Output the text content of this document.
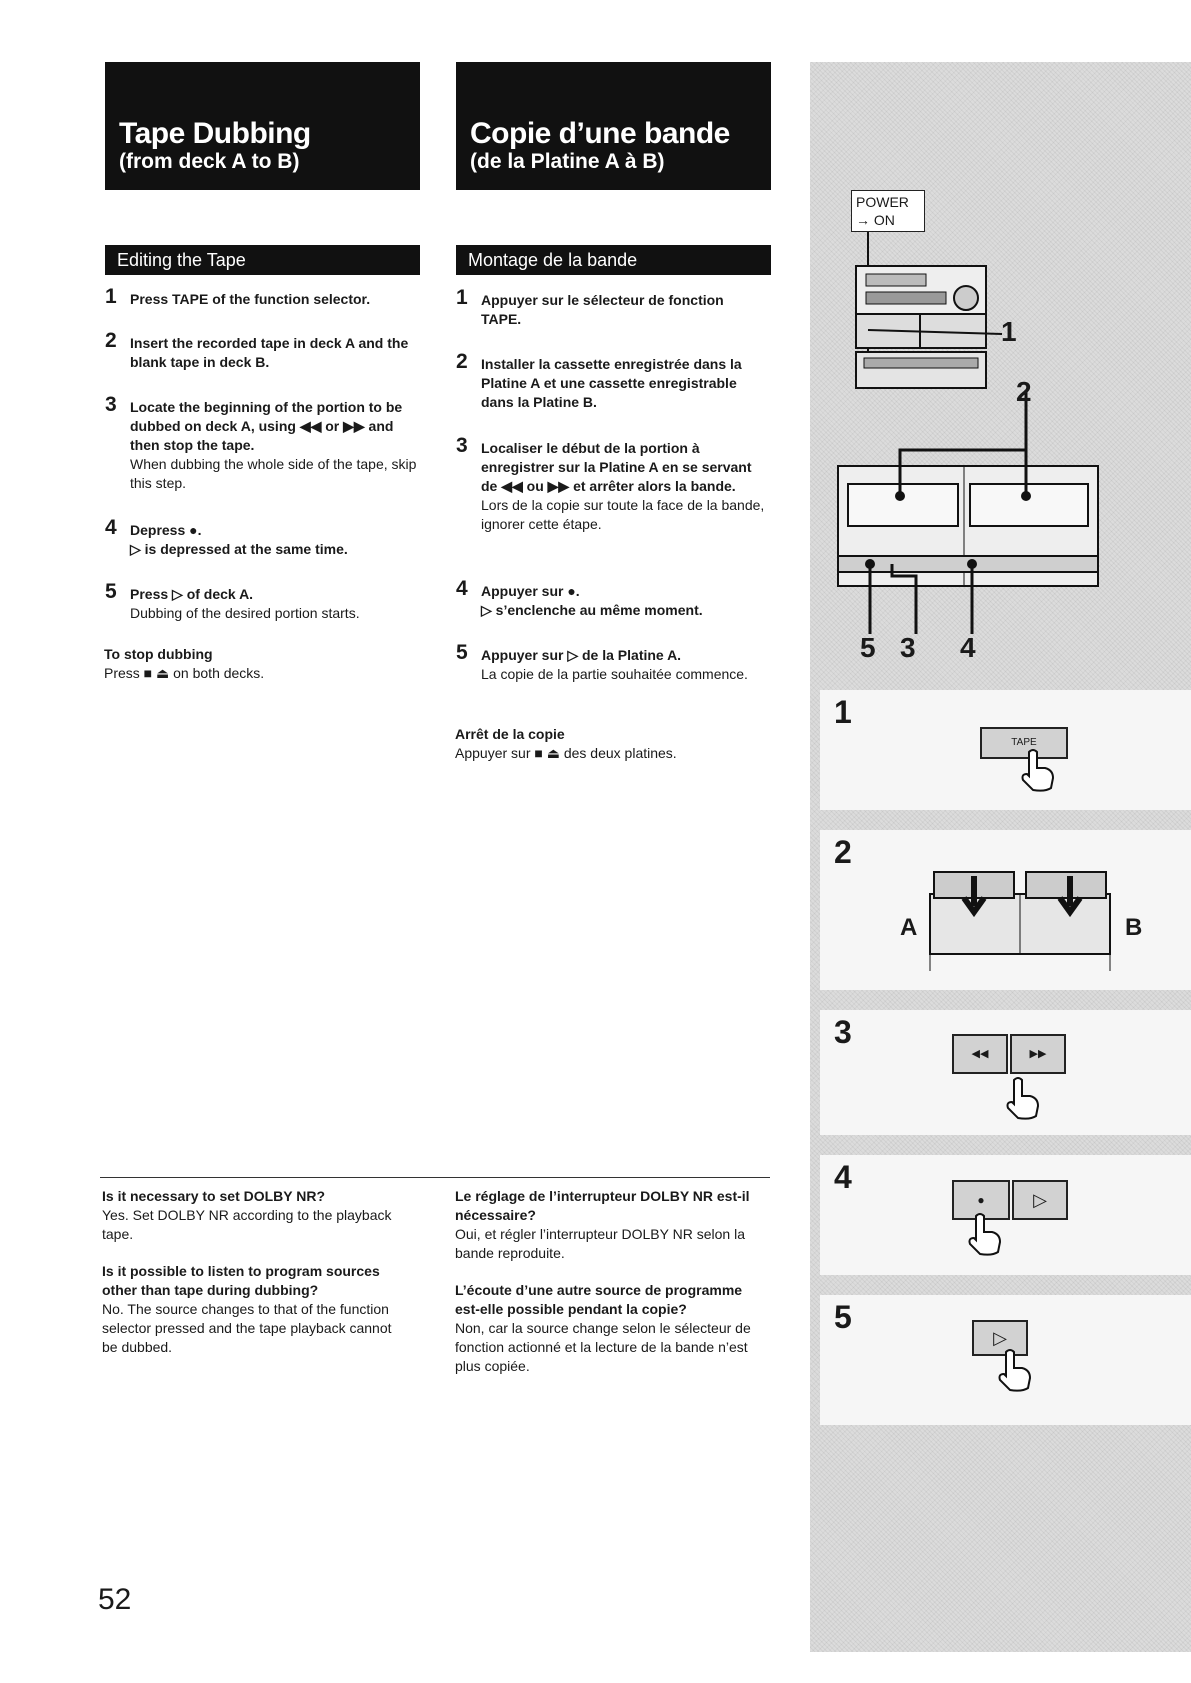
Tape Dubbing
(from deck A to B)
Editing the Tape
1 Press TAPE of the function selector.
2 Insert the recorded tape in deck A and the blank tape in deck B.
3 Locate the beginning of the portion to be dubbed on deck A, using ◀◀ or ▶▶ and then stop the tape.
When dubbing the whole side of the tape, skip this step.
4 Depress ●.
▷ is depressed at the same time.
5 Press ▷ of deck A.
Dubbing of the desired portion starts.
To stop dubbing
Press ■ ⏏ on both decks.
Is it necessary to set DOLBY NR?
Yes. Set DOLBY NR according to the playback tape.
Is it possible to listen to program sources other than tape during dubbing?
No. The source changes to that of the function selector pressed and the tape playback cannot be dubbed.
Copie d’une bande
(de la Platine A à B)
Montage de la bande
1 Appuyer sur le sélecteur de fonction TAPE.
2 Installer la cassette enregistrée dans la Platine A et une cassette enregistrable dans la Platine B.
3 Localiser le début de la portion à enregistrer sur la Platine A en se servant de ◀◀ ou ▶▶ et arrêter alors la bande.
Lors de la copie sur toute la face de la bande, ignorer cette étape.
4 Appuyer sur ●.
▷ s’enclenche au même moment.
5 Appuyer sur ▷ de la Platine A.
La copie de la partie souhaitée commence.
Arrêt de la copie
Appuyer sur ■ ⏏ des deux platines.
Le réglage de l’interrupteur DOLBY NR est-il nécessaire?
Oui, et régler l’interrupteur DOLBY NR selon la bande reproduite.
L’écoute d’une autre source de programme est-elle possible pendant la copie?
Non, car la source change selon le sélecteur de fonction actionné et la lecture de la bande n’est plus copiée.
52
POWER
→ ON
1
2
5 3 4
1
TAPE
2
A	B
3
◀◀	▶▶
4
●	▷
5
▷
